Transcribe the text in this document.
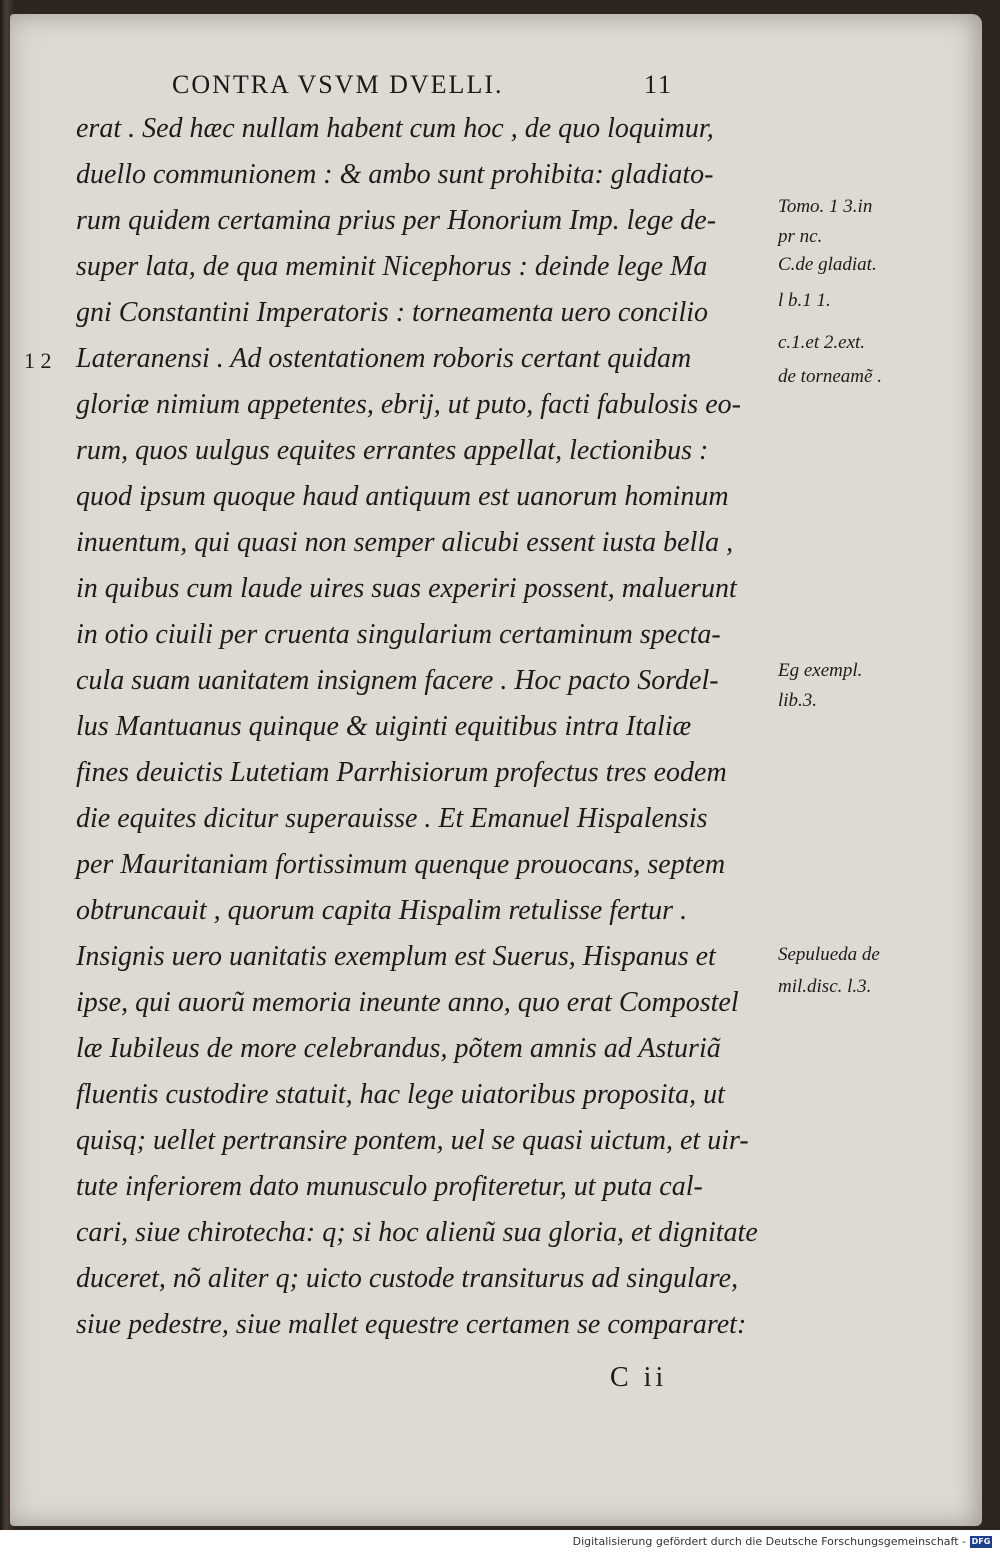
CONTRA VSVM DVELLI.	11
1 2
erat . Sed hæc nullam habent cum hoc , de quo loquimur,
duello communionem : & ambo sunt prohibita: gladiato-
rum quidem certamina prius per Honorium Imp. lege de-
super lata, de qua meminit Nicephorus : deinde lege Ma
gni Constantini Imperatoris : torneamenta uero concilio
Lateranensi . Ad ostentationem roboris certant quidam
gloriæ nimium appetentes, ebrij, ut puto, facti fabulosis eo-
rum, quos uulgus equites errantes appellat, lectionibus :
quod ipsum quoque haud antiquum est uanorum hominum
inuentum, qui quasi non semper alicubi essent iusta bella ,
in quibus cum laude uires suas experiri possent, maluerunt
in otio ciuili per cruenta singularium certaminum specta-
cula suam uanitatem insignem facere . Hoc pacto Sordel-
lus Mantuanus quinque & uiginti equitibus intra Italiæ
fines deuictis Lutetiam Parrhisiorum profectus tres eodem
die equites dicitur superauisse . Et Emanuel Hispalensis
per Mauritaniam fortissimum quenque prouocans, septem
obtruncauit , quorum capita Hispalim retulisse fertur .
Insignis uero uanitatis exemplum est Suerus, Hispanus et
ipse, qui auorũ memoria ineunte anno, quo erat Compostel
læ Iubileus de more celebrandus, põtem amnis ad Asturiã
fluentis custodire statuit, hac lege uiatoribus proposita, ut
quisq; uellet pertransire pontem, uel se quasi uictum, et uir-
tute inferiorem dato munusculo profiteretur, ut puta cal-
cari, siue chirotecha: q; si hoc alienũ sua gloria, et dignitate
duceret, nõ aliter q; uicto custode transiturus ad singulare,
siue pedestre, siue mallet equestre certamen se compararet:
Tomo. 1 3.in
pr nc.
C.de gladiat.
l b.1 1.
c.1.et 2.ext.
de torneamẽ .
Eg exempl.
lib.3.
Sepulueda de
mil.disc. l.3.
C ii
Digitalisierung gefördert durch die Deutsche Forschungsgemeinschaft - DFG
